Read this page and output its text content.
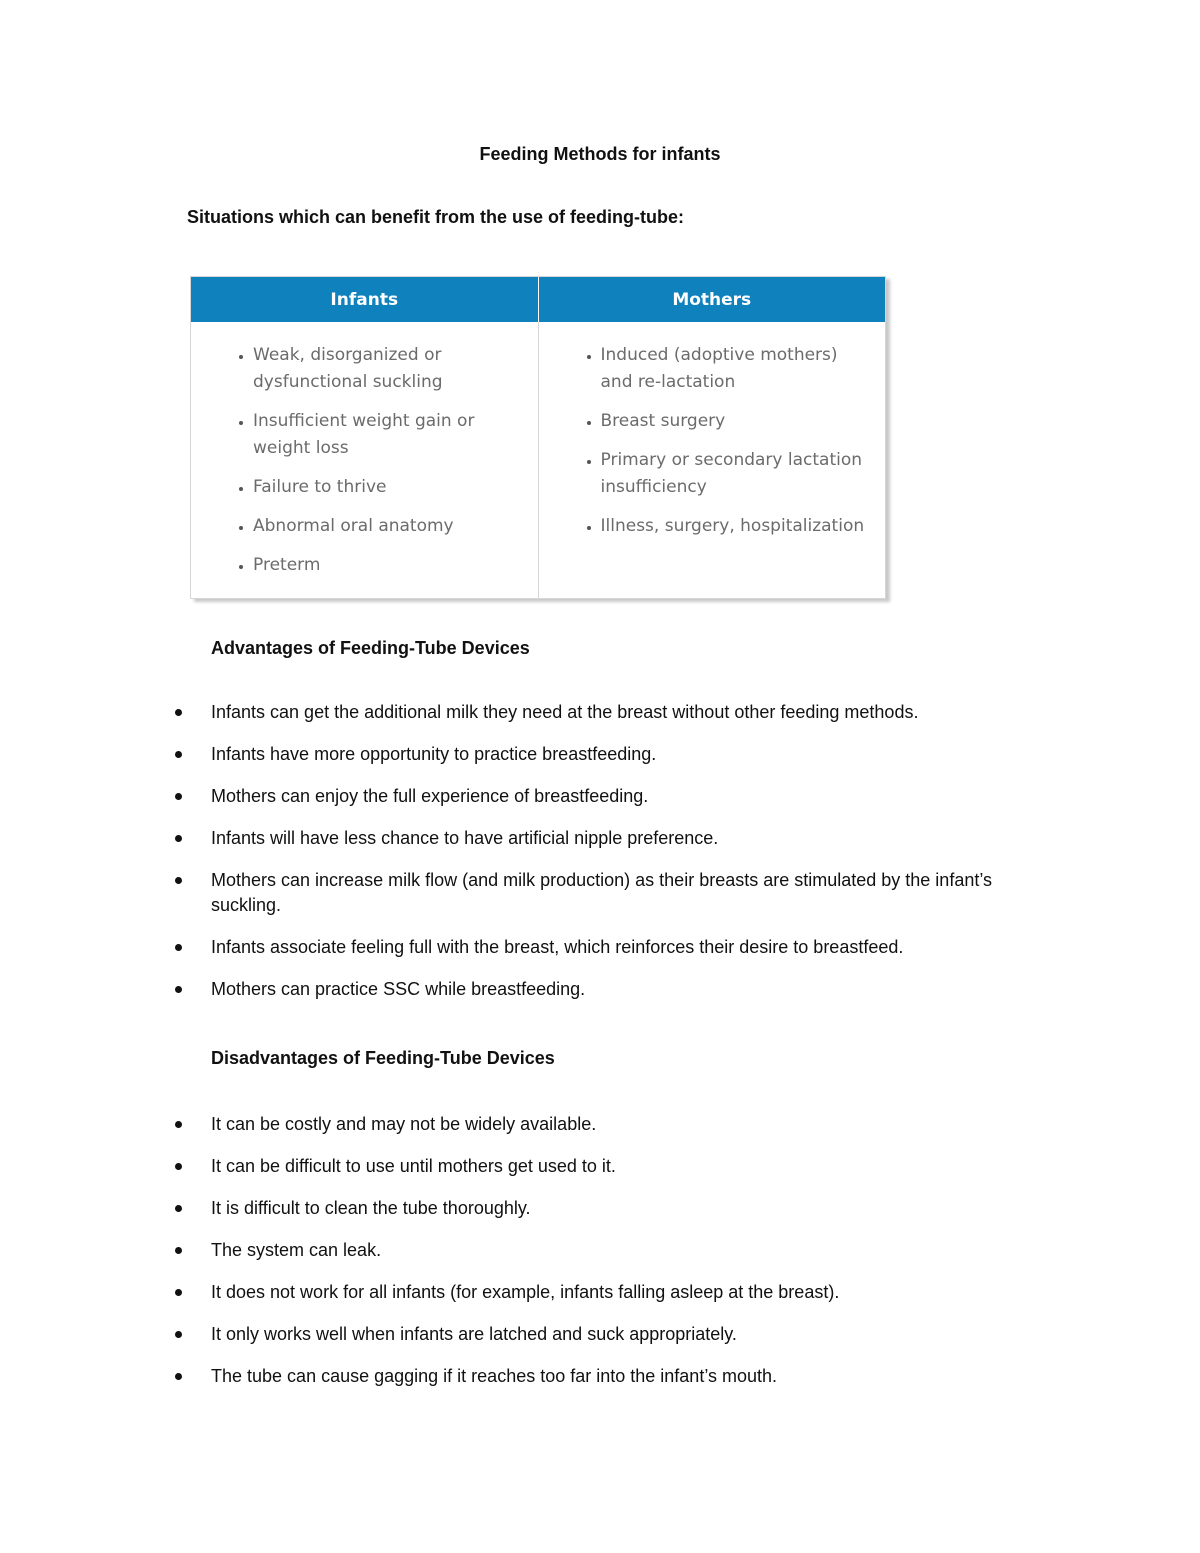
Feeding Methods for infants
Situations which can benefit from the use of feeding-tube:
Infants	Mothers
• Weak, disorganized or dysfunctional suckling
• Insufficient weight gain or weight loss
• Failure to thrive
• Abnormal oral anatomy
• Preterm
• Induced (adoptive mothers) and re-lactation
• Breast surgery
• Primary or secondary lactation insufficiency
• Illness, surgery, hospitalization
Advantages of Feeding-Tube Devices
Infants can get the additional milk they need at the breast without other feeding methods.
Infants have more opportunity to practice breastfeeding.
Mothers can enjoy the full experience of breastfeeding.
Infants will have less chance to have artificial nipple preference.
Mothers can increase milk flow (and milk production) as their breasts are stimulated by the infant’s suckling.
Infants associate feeling full with the breast, which reinforces their desire to breastfeed.
Mothers can practice SSC while breastfeeding.
Disadvantages of Feeding-Tube Devices
It can be costly and may not be widely available.
It can be difficult to use until mothers get used to it.
It is difficult to clean the tube thoroughly.
The system can leak.
It does not work for all infants (for example, infants falling asleep at the breast).
It only works well when infants are latched and suck appropriately.
The tube can cause gagging if it reaches too far into the infant’s mouth.
